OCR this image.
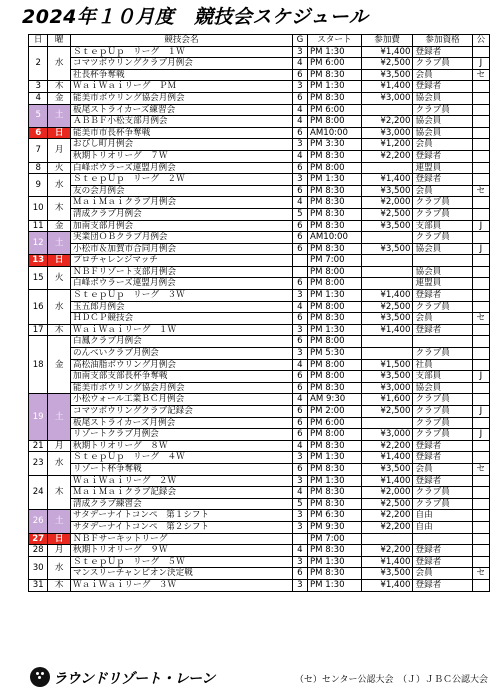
2024年１０月度　競技会スケジュール
日	曜	競技会名	G	スタート	参加費	参加資格	公
2	水	ＳｔｅｐＵｐ　リーグ　１Ｗ	3	PM 1:30	¥1,400	登録者	
		コマツボウリングクラブ月例会	4	PM 6:00	¥2,500	クラブ員	J
		社長杯争奪戦	6	PM 8:30	¥3,500	会員	セ
3	木	ＷａｉＷａｉリーグ　ＰＭ	3	PM 1:30	¥1,400	登録者	
4	金	能美市ボウリング協会月例会	6	PM 8:30	¥3,000	協会員	
5	土	板尾ストライカーズ練習会	4	PM 6:00		クラブ員	
		ＡＢＢＦ小松支部月例会	4	PM 8:00	¥2,200	協会員	
6	日	能美市市長杯争奪戦	6	AM10:00	¥3,000	協会員	
7	月	おびし町月例会	3	PM 3:30	¥1,200	会員	
		秋期トリオリーグ　７Ｗ	4	PM 8:30	¥2,200	登録者	
8	火	白峰ボウラーズ連盟月例会	6	PM 8:00		連盟員	
9	水	ＳｔｅｐＵｐ　リーグ　２Ｗ	3	PM 1:30	¥1,400	登録者	
		友の会月例会	6	PM 8:30	¥3,500	会員	セ
10	木	ＭａｉＭａｉクラブ月例会	4	PM 8:30	¥2,000	クラブ員	
		清成クラブ月例会	5	PM 8:30	¥2,500	クラブ員	
11	金	加南支部月例会	6	PM 8:30	¥3,500	支部員	J
12	土	実業団ＯＢクラブ月例会	6	AM10:00		クラブ員	
		小松市＆加賀市合同月例会	6	PM 8:30	¥3,500	協会員	J
13	日	プロチャレンジマッチ		PM 7:00			
15	火	ＮＢＦリゾート支部月例会		PM 8:00		協会員	
		白峰ボウラーズ連盟月例会	6	PM 8:00		連盟員	
16	水	ＳｔｅｐＵｐ　リーグ　３Ｗ	3	PM 1:30	¥1,400	登録者	
		玉五郎月例会	4	PM 8:00	¥2,500	クラブ員	
		ＨＤＣＰ競技会	6	PM 8:30	¥3,500	会員	セ
17	木	ＷａｉＷａｉリーグ　１Ｗ	3	PM 1:30	¥1,400	登録者	
18	金	白鳳クラブ月例会	6	PM 8:00			
		のんべいクラブ月例会	3	PM 5:30		クラブ員	
		高松油脂ボウリング月例会	4	PM 8:00	¥1,500	社員	
		加南支部支部長杯争奪戦	6	PM 8:00	¥3,500	支部員	J
		能美市ボウリング協会月例会	6	PM 8:30	¥3,000	協会員	
19	土	小松ウォール工業ＢＣ月例会	4	AM 9:30	¥1,600	クラブ員	
		コマツボウリングクラブ記録会	6	PM 2:00	¥2,500	クラブ員	J
		板尾ストライカーズ月例会	6	PM 6:00		クラブ員	
		リゾートクラブ月例会	6	PM 8:00	¥3,000	クラブ員	J
21	月	秋期トリオリーグ　８Ｗ	4	PM 8:30	¥2,200	登録者	
23	水	ＳｔｅｐＵｐ　リーグ　４Ｗ	3	PM 1:30	¥1,400	登録者	
		リゾート杯争奪戦	6	PM 8:30	¥3,500	会員	セ
24	木	ＷａｉＷａｉリーグ　２Ｗ	3	PM 1:30	¥1,400	登録者	
		ＭａｉＭａｉクラブ記録会	4	PM 8:30	¥2,000	クラブ員	
		清成クラブ練習会	5	PM 8:30	¥2,500	クラブ員	
26	土	サタデーナイトコンペ　第１シフト	3	PM 6:30	¥2,200	自由	
		サタデーナイトコンペ　第２シフト	3	PM 9:30	¥2,200	自由	
27	日	ＮＢＦサーキットリーグ		PM 7:00			
28	月	秋期トリオリーグ　９Ｗ	4	PM 8:30	¥2,200	登録者	
30	水	ＳｔｅｐＵｐ　リーグ　５Ｗ	3	PM 1:30	¥1,400	登録者	
		マンスリーチャンピオン決定戦	6	PM 8:30	¥3,500	会員	セ
31	木	ＷａｉＷａｉリーグ　３Ｗ	3	PM 1:30	¥1,400	登録者	
ラウンドリゾート・レーン	（セ）センター公認大会　（Ｊ）ＪＢＣ公認大会
